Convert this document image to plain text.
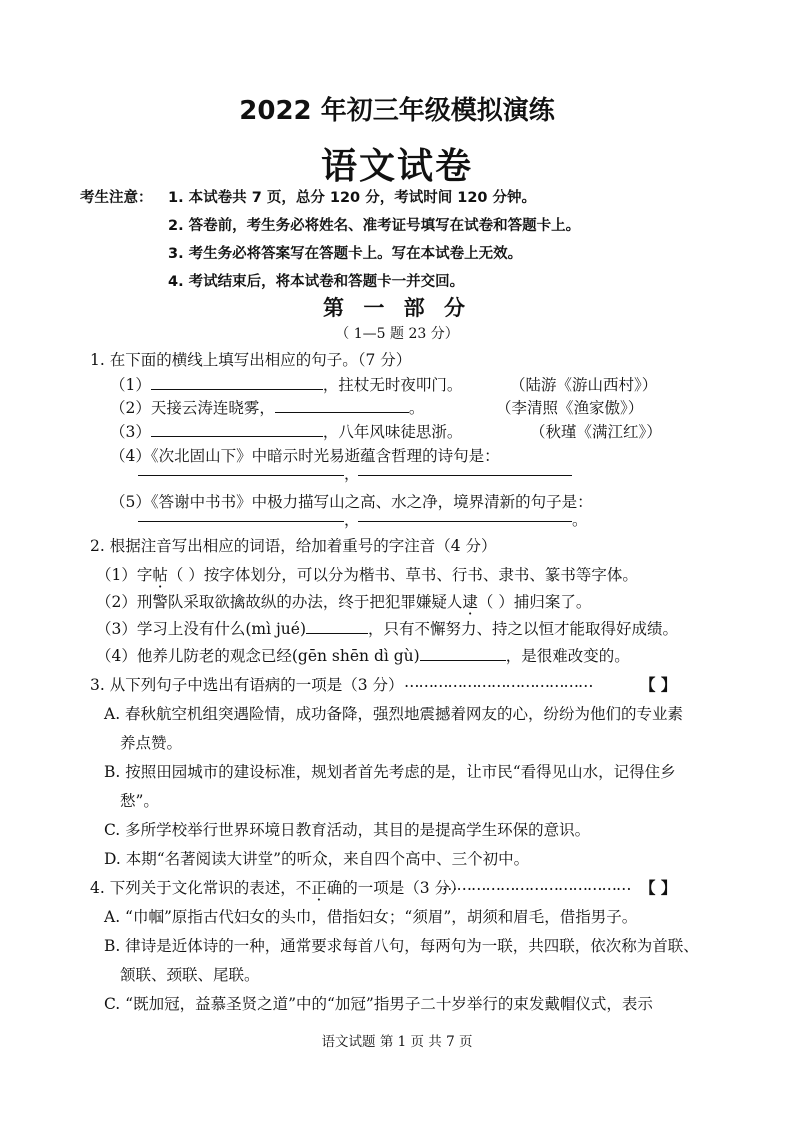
2022 年初三年级模拟演练
语文试卷
考生注意： 1. 本试卷共 7 页，总分 120 分，考试时间 120 分钟。
2. 答卷前，考生务必将姓名、准考证号填写在试卷和答题卡上。
3. 考生务必将答案写在答题卡上。写在本试卷上无效。
4. 考试结束后，将本试卷和答题卡一并交回。
第 一 部 分
（ 1—5 题 23 分）
1. 在下面的横线上填写出相应的句子。（7 分）
（1）	，拄杖无时夜叩门。	（陆游《游山西村》）
（2）天接云涛连晓雾，	。	（李清照《渔家傲》）
（3）	，八年风味徒思浙。	（秋瑾《满江红》）
（4）《次北固山下》中暗示时光易逝蕴含哲理的诗句是：
，
（5）《答谢中书书》中极力描写山之高、水之净，境界清新的句子是：
，	。
2. 根据注音写出相应的词语，给加着重号的字注音（4 分）
（1）字帖（ ）按字体划分，可以分为楷书、草书、行书、隶书、篆书等字体。
（2）刑警队采取欲擒故纵的办法，终于把犯罪嫌疑人逮（ ）捕归案了。
（3）学习上没有什么(mì jué)	，只有不懈努力、持之以恒才能取得好成绩。
（4）他养儿防老的观念已经(gēn shēn dì gù)	，是很难改变的。
3. 从下列句子中选出有语病的一项是（3 分） …………………………………	【 】
A. 春秋航空机组突遇险情，成功备降，强烈地震撼着网友的心，纷纷为他们的专业素
养点赞。
B. 按照田园城市的建设标准，规划者首先考虑的是，让市民“看得见山水，记得住乡
愁”。
C. 多所学校举行世界环境日教育活动，其目的是提高学生环保的意识。
D. 本期“名著阅读大讲堂”的听众，来自四个高中、三个初中。
4. 下列关于文化常识的表述，不正确的一项是（3 分）
………………………………… 【 】
A. “巾帼”原指古代妇女的头巾，借指妇女；“须眉”，胡须和眉毛，借指男子。
B. 律诗是近体诗的一种，通常要求每首八句，每两句为一联，共四联，依次称为首联、
颔联、颈联、尾联。
C. “既加冠，益慕圣贤之道”中的“加冠”指男子二十岁举行的束发戴帽仪式，表示
语文试题 第 1 页 共 7 页
